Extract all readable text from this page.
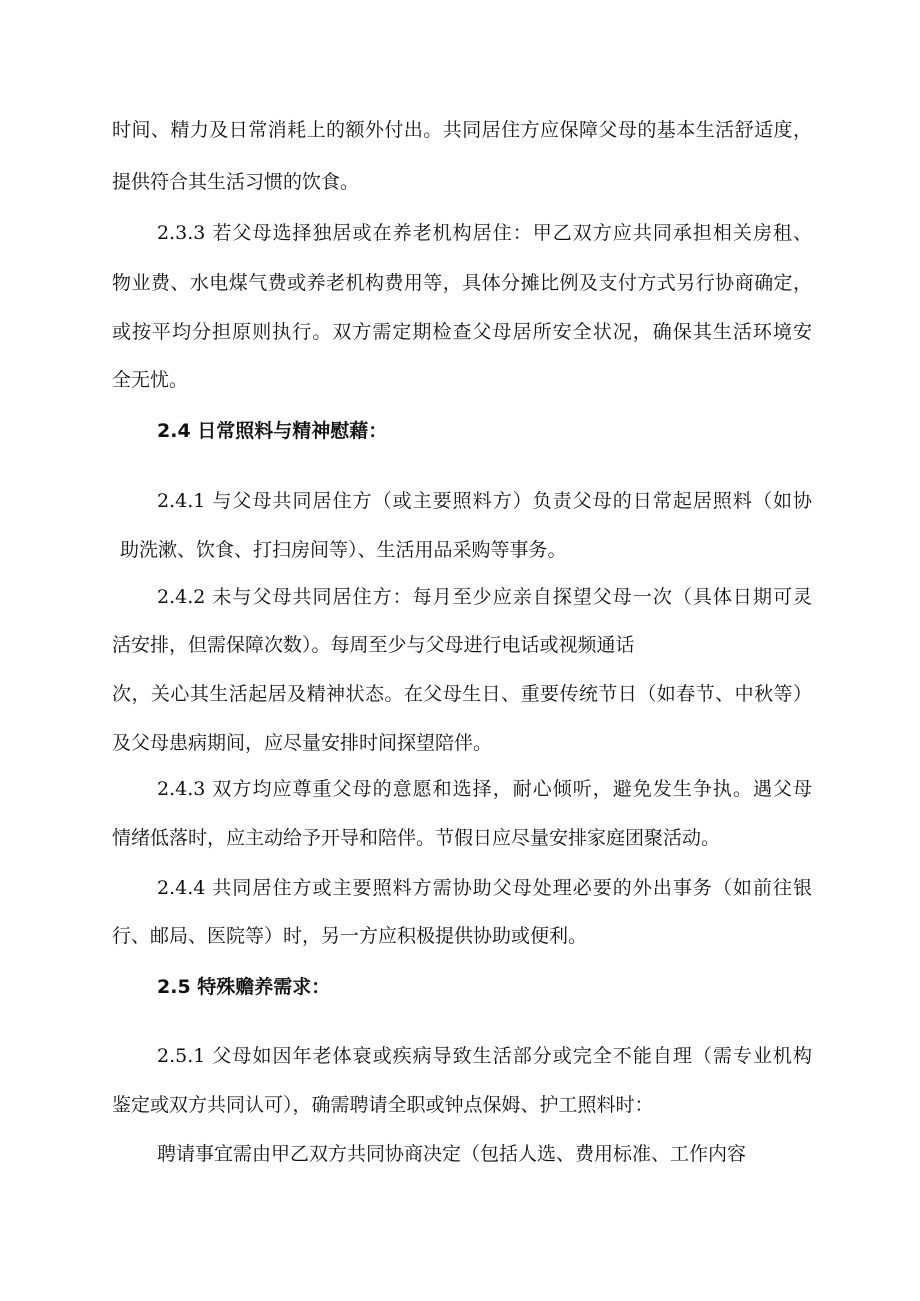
时间、精力及日常消耗上的额外付出。共同居住方应保障父母的基本生活舒适度，
提供符合其生活习惯的饮食。
2.3.3 若父母选择独居或在养老机构居住：甲乙双方应共同承担相关房租、
物业费、水电煤气费或养老机构费用等，具体分摊比例及支付方式另行协商确定，
或按平均分担原则执行。双方需定期检查父母居所安全状况，确保其生活环境安
全无忧。
2.4 日常照料与精神慰藉：
2.4.1 与父母共同居住方（或主要照料方）负责父母的日常起居照料（如协
助洗漱、饮食、打扫房间等）、生活用品采购等事务。
2.4.2 未与父母共同居住方：每月至少应亲自探望父母一次（具体日期可灵
活安排，但需保障次数）。每周至少与父母进行电话或视频通话
次，关心其生活起居及精神状态。在父母生日、重要传统节日（如春节、中秋等）
及父母患病期间，应尽量安排时间探望陪伴。
2.4.3 双方均应尊重父母的意愿和选择，耐心倾听，避免发生争执。遇父母
情绪低落时，应主动给予开导和陪伴。节假日应尽量安排家庭团聚活动。
2.4.4 共同居住方或主要照料方需协助父母处理必要的外出事务（如前往银
行、邮局、医院等）时，另一方应积极提供协助或便利。
2.5 特殊赡养需求：
2.5.1 父母如因年老体衰或疾病导致生活部分或完全不能自理（需专业机构
鉴定或双方共同认可），确需聘请全职或钟点保姆、护工照料时：
聘请事宜需由甲乙双方共同协商决定（包括人选、费用标准、工作内容
